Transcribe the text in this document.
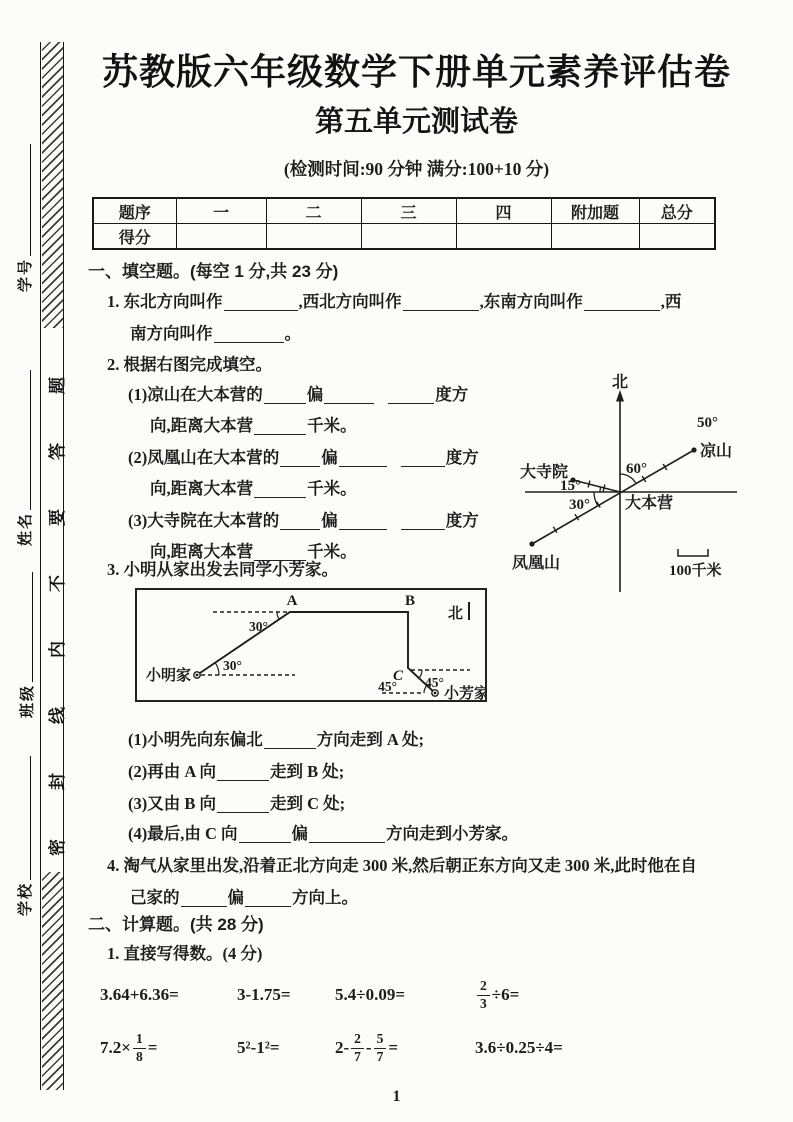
密封线内不要答题
学号
姓名
班级
学校
苏教版六年级数学下册单元素养评估卷
第五单元测试卷
(检测时间:90 分钟 满分:100+10 分)
题序	一	二	三	四	附加题	总分
得分						
一、填空题。(每空 1 分,共 23 分)
1. 东北方向叫作	,西北方向叫作	,东南方向叫作	,西
南方向叫作	。
2. 根据右图完成填空。
(1)凉山在大本营的	偏	度方
向,距离大本营	千米。
(2)凤凰山在大本营的	偏	度方
向,距离大本营	千米。
(3)大寺院在大本营的	偏	度方
向,距离大本营	千米。
北
50°
60°
15°
30°
凉山
大寺院
凤凰山
大本营
100千米
3. 小明从家出发去同学小芳家。
小明家
A	B
C
小芳家
30°
30°
45°
45°
北
(1)小明先向东偏北	方向走到 A 处;
(2)再由 A 向	走到 B 处;
(3)又由 B 向	走到 C 处;
(4)最后,由 C 向	偏	方向走到小芳家。
4. 淘气从家里出发,沿着正北方向走 300 米,然后朝正东方向又走 300 米,此时他在自
己家的	偏	方向上。
二、计算题。(共 28 分)
1. 直接写得数。(4 分)
3.64+6.36=	3-1.75=	5.4÷0.09=	$\frac{2}{3} \div 6=$
$7.2\times \frac{1}{8}$ =	5²-1²=	$2- \frac{2}{7} - \frac{5}{7}$ =	3.6÷0.25÷4=
1
